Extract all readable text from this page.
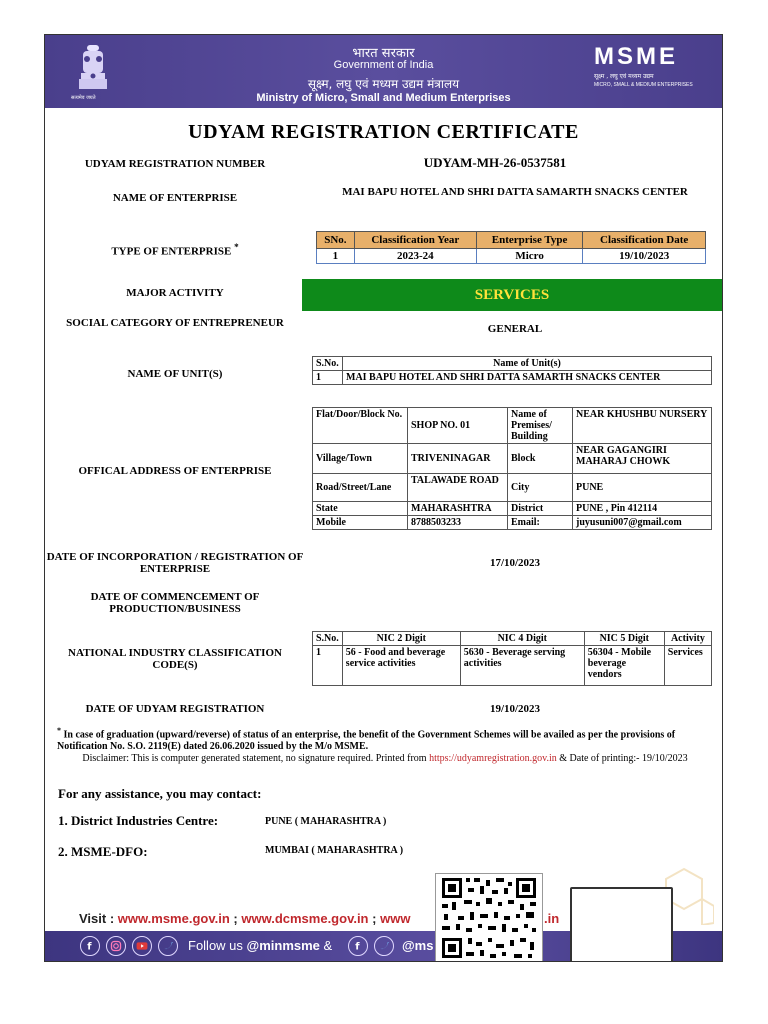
सत्यमेव जयते
भारत सरकार
Government of India
सूक्ष्म, लघु एवं मध्यम उद्यम मंत्रालय
Ministry of Micro, Small and Medium Enterprises
MSME
सूक्ष्म , लघु एवं मध्यम उद्यम
MICRO, SMALL & MEDIUM ENTERPRISES
UDYAM REGISTRATION CERTIFICATE
UDYAM REGISTRATION NUMBER	UDYAM-MH-26-0537581
NAME OF ENTERPRISE	MAI BAPU HOTEL AND SHRI DATTA SAMARTH SNACKS CENTER
TYPE OF ENTERPRISE *
SNo.	Classification Year	Enterprise Type	Classification Date
1	2023-24	Micro	19/10/2023
MAJOR ACTIVITY	SERVICES
SOCIAL CATEGORY OF ENTREPRENEUR	GENERAL
NAME OF UNIT(S)
S.No.	Name of Unit(s)
1	MAI BAPU HOTEL AND SHRI DATTA SAMARTH SNACKS CENTER
OFFICAL ADDRESS OF ENTERPRISE
Flat/Door/Block No.	SHOP NO. 01	Name of Premises/ Building	NEAR KHUSHBU NURSERY
Village/Town	TRIVENINAGAR	Block	NEAR GAGANGIRI MAHARAJ CHOWK
Road/Street/Lane	TALAWADE ROAD	City	PUNE
State	MAHARASHTRA	District	PUNE , Pin 412114
Mobile	8788503233	Email:	juyusuni007@gmail.com
DATE OF INCORPORATION / REGISTRATION OF ENTERPRISE	17/10/2023
DATE OF COMMENCEMENT OF PRODUCTION/BUSINESS
NATIONAL INDUSTRY CLASSIFICATION CODE(S)
S.No.	NIC 2 Digit	NIC 4 Digit	NIC 5 Digit	Activity
1	56 - Food and beverage service activities	5630 - Beverage serving activities	56304 - Mobile beverage vendors	Services
DATE OF UDYAM REGISTRATION	19/10/2023
* In case of graduation (upward/reverse) of status of an enterprise, the benefit of the Government Schemes will be availed as per the provisions of Notification No. S.O. 2119(E) dated 26.06.2020 issued by the M/o MSME.
Disclaimer: This is computer generated statement, no signature required. Printed from https://udyamregistration.gov.in & Date of printing:- 19/10/2023
For any assistance, you may contact:
1. District Industries Centre:	PUNE ( MAHARASHTRA )
2. MSME-DFO:	MUMBAI ( MAHARASHTRA )
Visit : www.msme.gov.in ; www.dcmsme.gov.in ; www	.in
f	Follow us @minmsme & f	@ms
